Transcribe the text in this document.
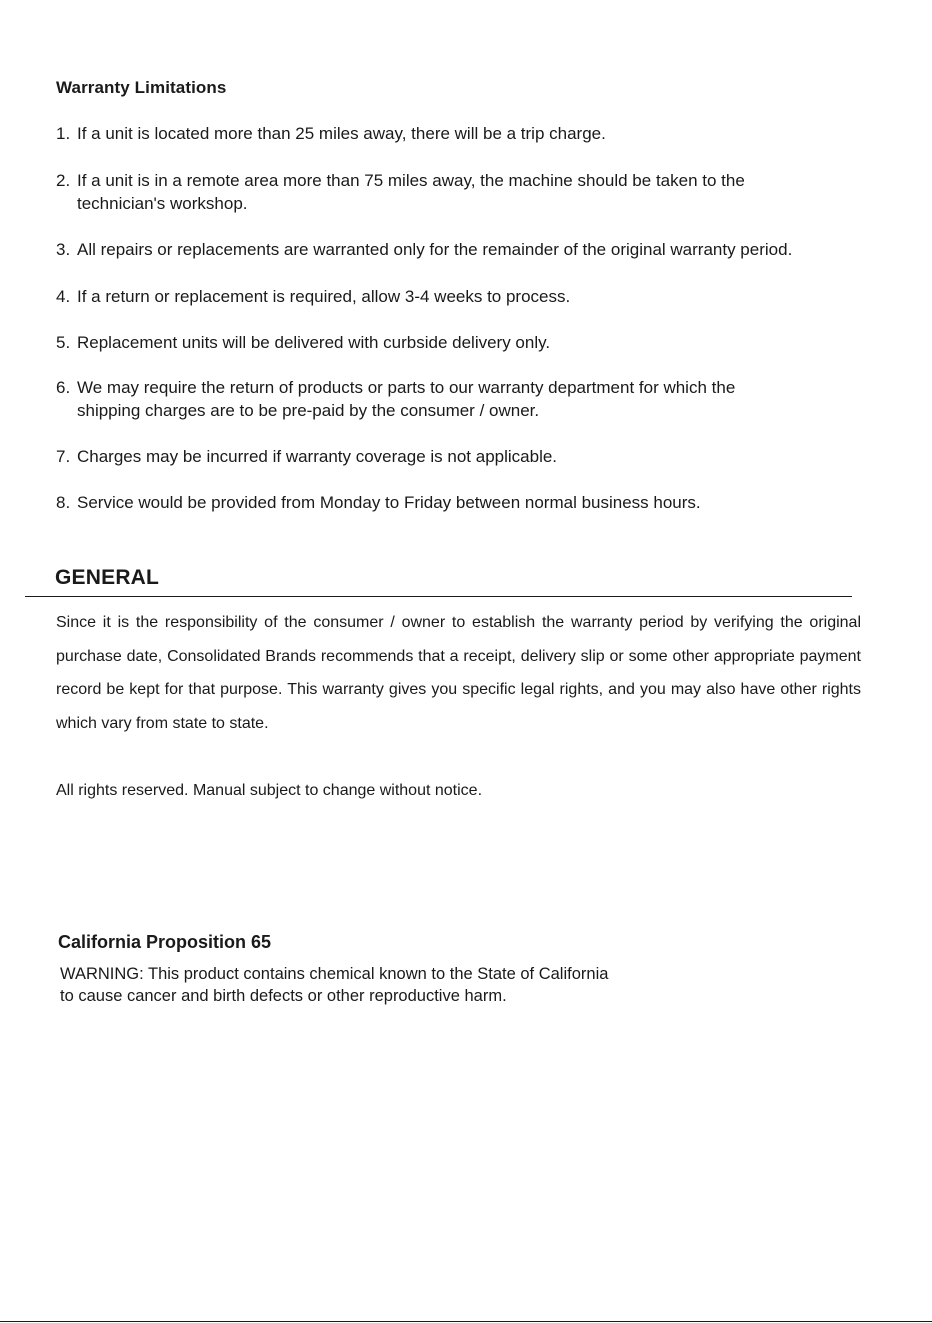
Warranty Limitations
1. If a unit is located more than 25 miles away, there will be a trip charge.
2. If a unit is in a remote area more than 75 miles away, the machine should be taken to the
technician's workshop.
3. All repairs or replacements are warranted only for the remainder of the original warranty period.
4. If a return or replacement is required, allow 3-4 weeks to process.
5. Replacement units will be delivered with curbside delivery only.
6. We may require the return of products or parts to our warranty department for which the
shipping charges are to be pre-paid by the consumer / owner.
7. Charges may be incurred if warranty coverage is not applicable.
8. Service would be provided from Monday to Friday between normal business hours.
GENERAL
Since it is the responsibility of the consumer / owner to establish the warranty period by verifying the original purchase date, Consolidated Brands recommends that a receipt, delivery slip or some other appropriate payment record be kept for that purpose. This warranty gives you specific legal rights, and you may also have other rights which vary from state to state.
All rights reserved. Manual subject to change without notice.
California Proposition 65
WARNING: This product contains chemical known to the State of California
to cause cancer and birth defects or other reproductive harm.
